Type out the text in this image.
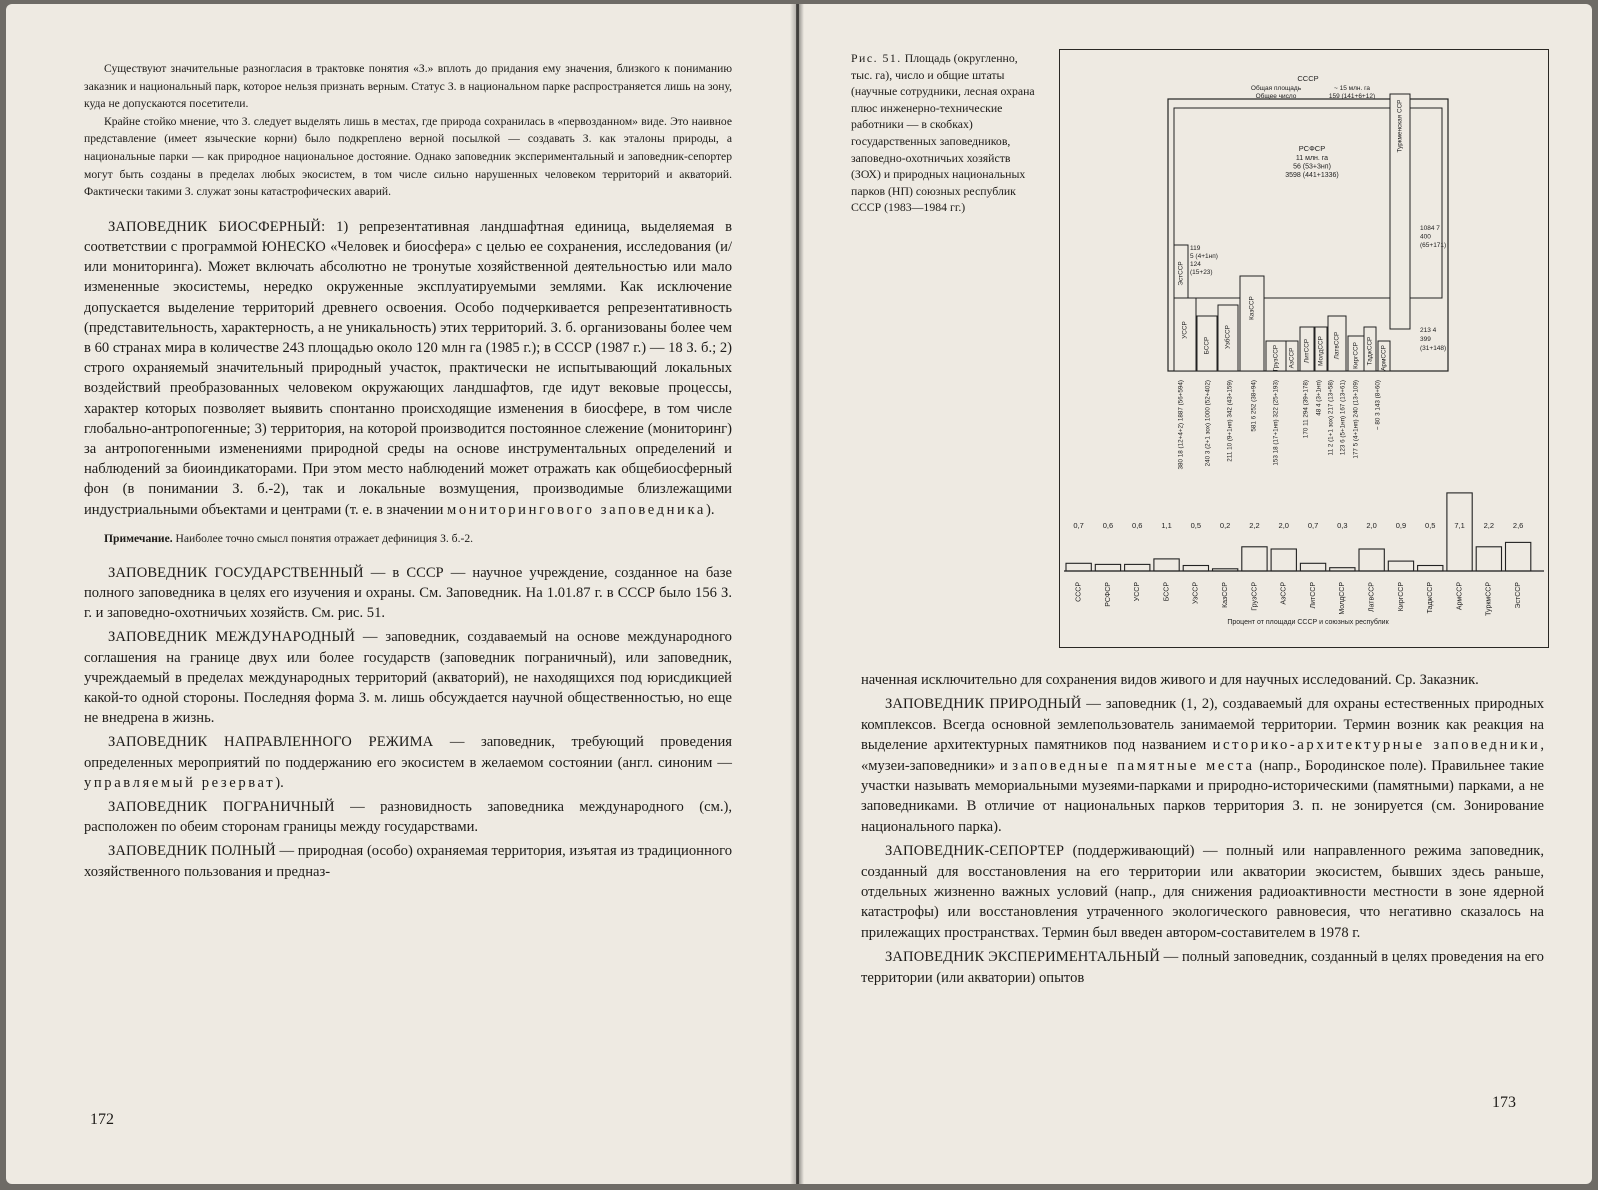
Существуют значительные разногласия в трактовке понятия «З.» вплоть до придания ему значения, близкого к пониманию заказник и национальный парк, которое нельзя признать верным. Статус З. в национальном парке распространяется лишь на зону, куда не допускаются посетители.

Крайне стойко мнение, что З. следует выделять лишь в местах, где природа сохранилась в «первозданном» виде. Это наивное представление (имеет языческие корни) было подкреплено верной посылкой — создавать З. как эталоны природы, а национальные парки — как природное национальное достояние. Однако заповедник экспериментальный и заповедник-сепортер могут быть созданы в пределах любых экосистем, в том числе сильно нарушенных человеком территорий и акваторий. Фактически такими З. служат зоны катастрофических аварий.

ЗАПОВЕДНИК БИОСФЕРНЫЙ: 1) репрезентативная ландшафтная единица, выделяемая в соответствии с программой ЮНЕСКО «Человек и биосфера» с целью ее сохранения, исследования (и/или мониторинга). Может включать абсолютно не тронутые хозяйственной деятельностью или мало измененные экосистемы, нередко окруженные эксплуатируемыми землями. Как исключение допускается выделение территорий древнего освоения. Особо подчеркивается репрезентативность (представительность, характерность, а не уникальность) этих территорий. З. б. организованы более чем в 60 странах мира в количестве 243 площадью около 120 млн га (1985 г.); в СССР (1987 г.) — 18 З. б.; 2) строго охраняемый значительный природный участок, практически не испытывающий локальных воздействий преобразованных человеком окружающих ландшафтов, где идут вековые процессы, характер которых позволяет выявить спонтанно происходящие изменения в биосфере, в том числе глобально-антропогенные; 3) территория, на которой производится постоянное слежение (мониторинг) за антропогенными изменениями природной среды на основе инструментальных определений и наблюдений за биоиндикаторами. При этом место наблюдений может отражать как общебиосферный фон (в понимании З. б.-2), так и локальные возмущения, производимые близлежащими индустриальными объектами и центрами (т. е. в значении мониторингового заповедника).

Примечание. Наиболее точно смысл понятия отражает дефиниция З. б.-2.

ЗАПОВЕДНИК ГОСУДАРСТВЕННЫЙ — в СССР — научное учреждение, созданное на базе полного заповедника в целях его изучения и охраны. См. Заповедник. На 1.01.87 г. в СССР было 156 З. г. и заповедно-охотничьих хозяйств. См. рис. 51.

ЗАПОВЕДНИК МЕЖДУНАРОДНЫЙ — заповедник, создаваемый на основе международного соглашения на границе двух или более государств (заповедник пограничный), или заповедник, учреждаемый в пределах международных территорий (акваторий), не находящихся под юрисдикцией какой-то одной стороны. Последняя форма З. м. лишь обсуждается научной общественностью, но еще не внедрена в жизнь.

ЗАПОВЕДНИК НАПРАВЛЕННОГО РЕЖИМА — заповедник, требующий проведения определенных мероприятий по поддержанию его экосистем в желаемом состоянии (англ. синоним — управляемый резерват).

ЗАПОВЕДНИК ПОГРАНИЧНЫЙ — разновидность заповедника международного (см.), расположен по обеим сторонам границы между государствами.

ЗАПОВЕДНИК ПОЛНЫЙ — природная (особо) охраняемая территория, изъятая из традиционного хозяйственного пользования и предназ-

172
Рис. 51. Площадь (округленно, тыс. га), число и общие штаты (научные сотрудники, лесная охрана плюс инженерно-технические работники — в скобках) государственных заповедников, заповедно-охотничьих хозяйств (ЗОХ) и природных национальных парков (НП) союзных республик СССР (1983—1984 гг.)
СССР
Общая площадь	~ 15 млн. га
Общее число	159 (141+6+12)
РСФСР
11 млн. га
56 (53+3нп)
3598 (441+1336)
ЭстССР
УССР
БССР УзбССР
КазССР
ГрузССР АзССР ЛитССР МолдССР ЛатвССР КиргССР ТаджССР АрмССР
Туркменская ССР
119
5 (4+1нп)
124
(15+23)
1084 7
400
(65+171)
213 4
399
(31+148)
380 18 (12+4+2) 1887 (56+594)	240 3 (2+1 зох) 1000 (52+402) 211 10 (9+1нп) 342 (43+159)	581 6 252 (38+94) 153 18 (17+1нп) 322 (25+193)	170 11 294 (39+178) 48 4 (3+1нп) 11 2 (1+1 зох) 217 (13+58) 123 6 (5+1нп) 167 (13+61) 177 5 (4+1нп) 240 (13+109) ~ 80 3 143 (8+60)
0,7	0,6	0,6	1,1	0,5	0,2	2,2	2,0	0,7	0,3	2,0	0,9	0,5	7,1	2,2	2,6
СССР	РСФСР	УССР	БССР	УзССР	КазССР	ГрузССР	АзССР	ЛитССР	МолдССР	ЛатвССР	КиргССР	ТаджССР	АрмССР	ТуркмССР	ЭстССР
Процент от площади СССР и союзных республик

наченная исключительно для сохранения видов живого и для научных исследований. Ср. Заказник.

ЗАПОВЕДНИК ПРИРОДНЫЙ — заповедник (1, 2), создаваемый для охраны естественных природных комплексов. Всегда основной землепользователь занимаемой территории. Термин возник как реакция на выделение архитектурных памятников под названием историко-архитектурные заповедники, «музеи-заповедники» и заповедные памятные места (напр., Бородинское поле). Правильнее такие участки называть мемориальными музеями-парками и природно-историческими (памятными) парками, а не заповедниками. В отличие от национальных парков территория З. п. не зонируется (см. Зонирование национального парка).

ЗАПОВЕДНИК-СЕПОРТЕР (поддерживающий) — полный или направленного режима заповедник, созданный для восстановления на его территории или акватории экосистем, бывших здесь раньше, отдельных жизненно важных условий (напр., для снижения радиоактивности местности в зоне ядерной катастрофы) или восстановления утраченного экологического равновесия, что негативно сказалось на прилежащих пространствах. Термин был введен автором-составителем в 1978 г.

ЗАПОВЕДНИК ЭКСПЕРИМЕНТАЛЬНЫЙ — полный заповедник, созданный в целях проведения на его территории (или акватории) опытов

173
